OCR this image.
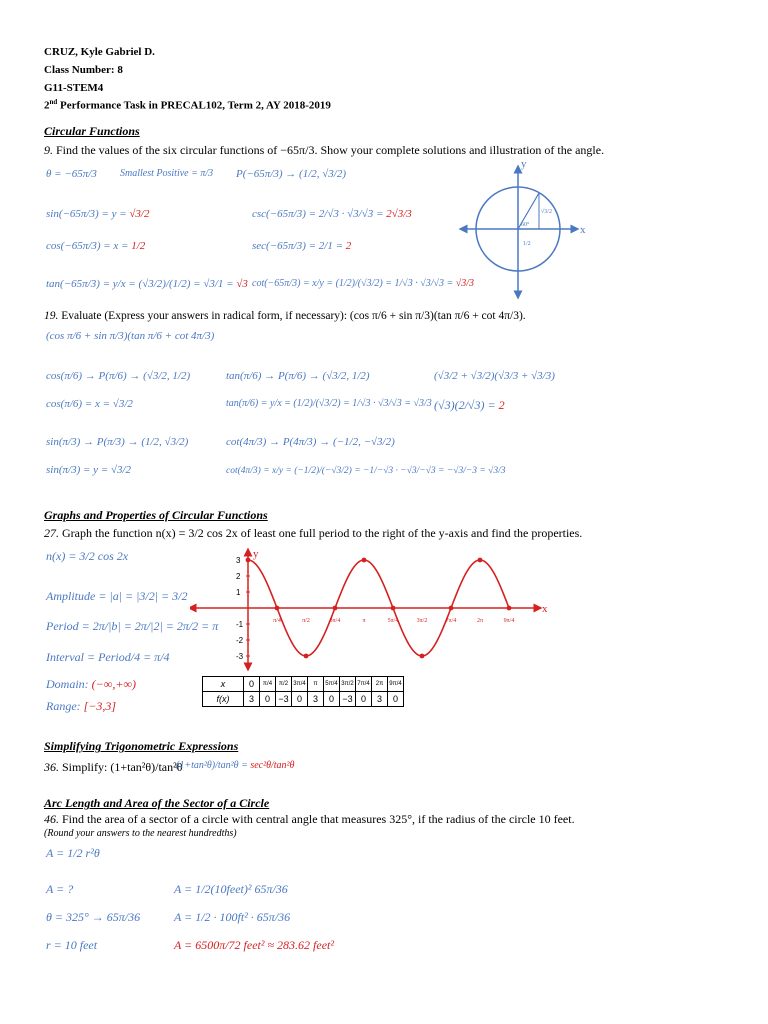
CRUZ, Kyle Gabriel D.
Class Number: 8
G11-STEM4
2nd Performance Task in PRECAL102, Term 2, AY 2018-2019
Circular Functions
9. Find the values of the six circular functions of −65π/3. Show your complete solutions and illustration of the angle.
θ = −65π/3 Smallest Positive = π/3 P(−65π/3) → (1/2, √3/2)
sin(−65π/3) = y = √3/2
cos(−65π/3) = x = 1/2
tan(−65π/3) = y/x = (√3/2)/(1/2) = √3/1 = √3
csc(−65π/3) = 2/√3 · √3/√3 = 2√3/3
sec(−65π/3) = 2/1 = 2
cot(−65π/3) = x/y = (1/2)/(√3/2) = 1/√3 · √3/√3 = √3/3
x
y
60°
√3/2
1/2
19. Evaluate (Express your answers in radical form, if necessary): (cos π/6 + sin π/3)(tan π/6 + cot 4π/3).
(cos π/6 + sin π/3)(tan π/6 + cot 4π/3)
cos(π/6) → P(π/6) → (√3/2, 1/2)
cos(π/6) = x = √3/2
sin(π/3) → P(π/3) → (1/2, √3/2)
sin(π/3) = y = √3/2
tan(π/6) → P(π/6) → (√3/2, 1/2)
tan(π/6) = y/x = (1/2)/(√3/2) = 1/√3 · √3/√3 = √3/3
cot(4π/3) → P(4π/3) → (−1/2, −√3/2)
cot(4π/3) = x/y = (−1/2)/(−√3/2) = −1/−√3 · −√3/−√3 = −√3/−3 = √3/3
(√3/2 + √3/2)(√3/3 + √3/3)
(√3)(2/√3) = 2
Graphs and Properties of Circular Functions
27. Graph the function n(x) = 3/2 cos 2x of least one full period to the right of the y-axis and find the properties.
n(x) = 3/2 cos 2x
Amplitude = |a| = |3/2| = 3/2
Period = 2π/|b| = 2π/|2| = 2π/2 = π
Interval = Period/4 = π/4
Domain: (−∞,+∞)
Range: [−3,3]
x
y
3
2
1
-1
-2
-3
π/4	π/2	3π/4	π	5π/4	3π/2	7π/4	2π	9π/4
x	0	π/4	π/2	3π/4	π	5π/4	3π/2	7π/4	2π	9π/4
f(x)	3	0	−3	0	3	0	−3	0	3	0
Simplifying Trigonometric Expressions
36. Simplify: (1+tan²θ)/tan²θ
(1+tan²θ)/tan²θ = sec²θ/tan²θ
Arc Length and Area of the Sector of a Circle
46. Find the area of a sector of a circle with central angle that measures 325°, if the radius of the circle 10 feet.
(Round your answers to the nearest hundredths)
A = 1/2 r²θ
A = ?
θ = 325° → 65π/36
r = 10 feet
A = 1/2(10feet)² 65π/36
A = 1/2 · 100ft² · 65π/36
A = 6500π/72 feet² ≈ 283.62 feet²
